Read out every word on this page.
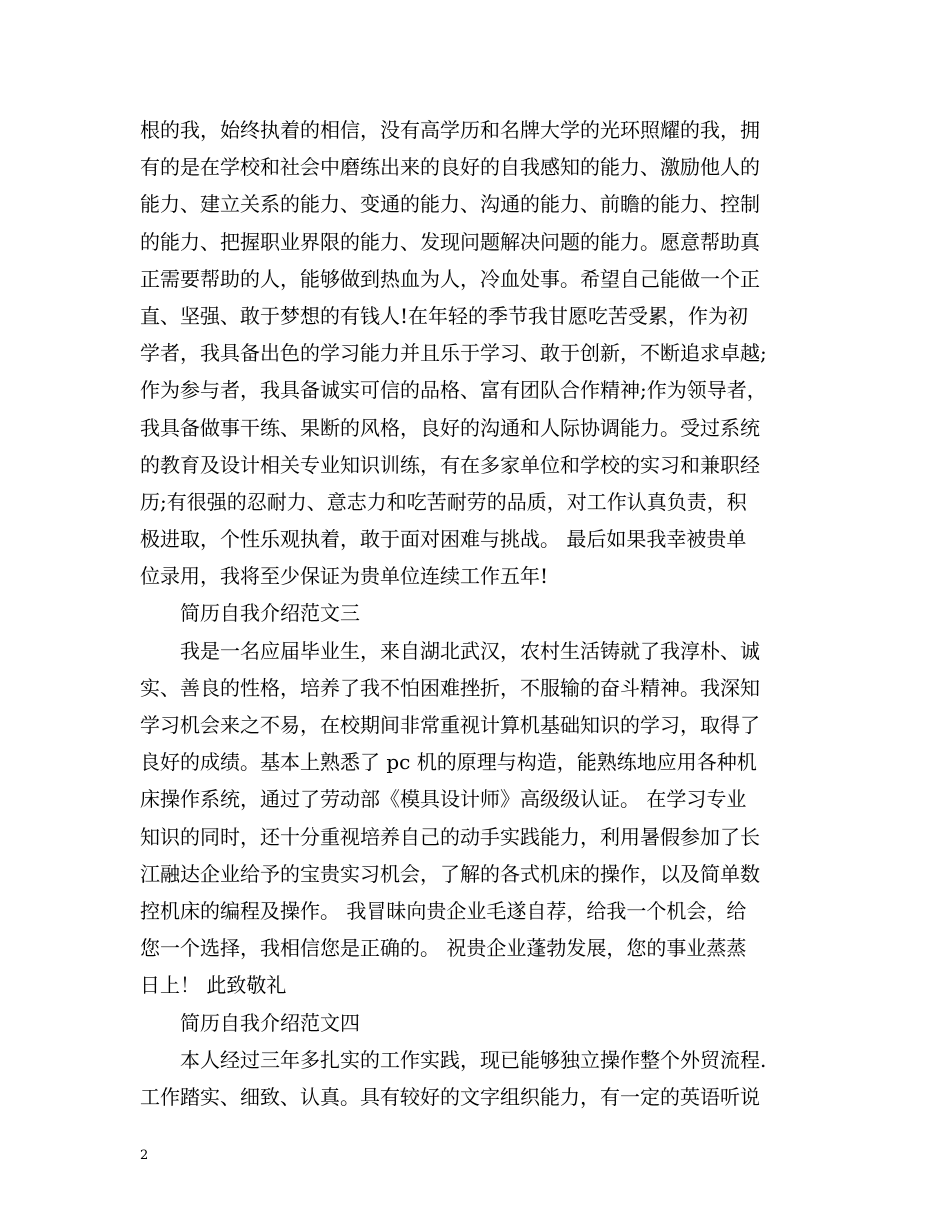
根的我，始终执着的相信，没有高学历和名牌大学的光环照耀的我，拥
有的是在学校和社会中磨练出来的良好的自我感知的能力、激励他人的
能力、建立关系的能力、变通的能力、沟通的能力、前瞻的能力、控制
的能力、把握职业界限的能力、发现问题解决问题的能力。愿意帮助真
正需要帮助的人，能够做到热血为人，冷血处事。希望自己能做一个正
直、坚强、敢于梦想的有钱人!在年轻的季节我甘愿吃苦受累，作为初
学者，我具备出色的学习能力并且乐于学习、敢于创新，不断追求卓越;
作为参与者，我具备诚实可信的品格、富有团队合作精神;作为领导者，
我具备做事干练、果断的风格，良好的沟通和人际协调能力。受过系统
的教育及设计相关专业知识训练，有在多家单位和学校的实习和兼职经
历;有很强的忍耐力、意志力和吃苦耐劳的品质，对工作认真负责，积
极进取，个性乐观执着，敢于面对困难与挑战。 最后如果我幸被贵单
位录用，我将至少保证为贵单位连续工作五年!
简历自我介绍范文三
我是一名应届毕业生，来自湖北武汉，农村生活铸就了我淳朴、诚
实、善良的性格，培养了我不怕困难挫折，不服输的奋斗精神。我深知
学习机会来之不易，在校期间非常重视计算机基础知识的学习，取得了
良好的成绩。基本上熟悉了 pc 机的原理与构造，能熟练地应用各种机
床操作系统，通过了劳动部《模具设计师》高级级认证。 在学习专业
知识的同时，还十分重视培养自己的动手实践能力，利用暑假参加了长
江融达企业给予的宝贵实习机会，了解的各式机床的操作，以及简单数
控机床的编程及操作。 我冒昧向贵企业毛遂自荐，给我一个机会，给
您一个选择，我相信您是正确的。 祝贵企业蓬勃发展，您的事业蒸蒸
日上！ 此致敬礼
简历自我介绍范文四
本人经过三年多扎实的工作实践，现已能够独立操作整个外贸流程.
工作踏实、细致、认真。具有较好的文字组织能力，有一定的英语听说
2
